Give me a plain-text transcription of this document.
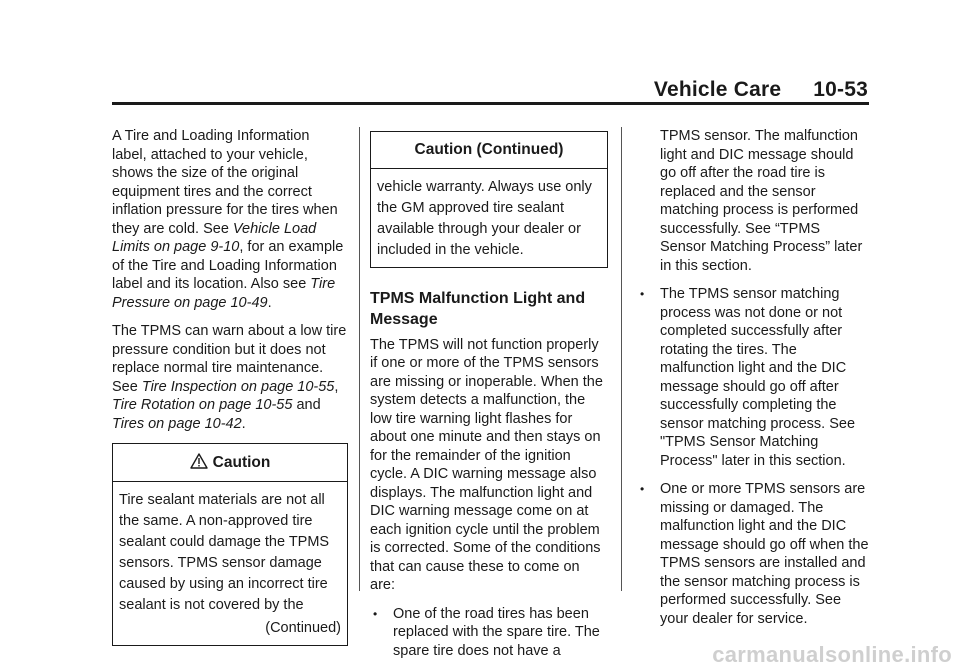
Vehicle Care 10-53

A Tire and Loading Information label, attached to your vehicle, shows the size of the original equipment tires and the correct inflation pressure for the tires when they are cold. See Vehicle Load Limits on page 9-10, for an example of the Tire and Loading Information label and its location. Also see Tire Pressure on page 10-49.

The TPMS can warn about a low tire pressure condition but it does not replace normal tire maintenance. See Tire Inspection on page 10-55, Tire Rotation on page 10-55 and Tires on page 10-42.

Caution
Tire sealant materials are not all the same. A non-approved tire sealant could damage the TPMS sensors. TPMS sensor damage caused by using an incorrect tire sealant is not covered by the
(Continued)
Caution (Continued)
vehicle warranty. Always use only the GM approved tire sealant available through your dealer or included in the vehicle.
TPMS Malfunction Light and Message

The TPMS will not function properly if one or more of the TPMS sensors are missing or inoperable. When the system detects a malfunction, the low tire warning light flashes for about one minute and then stays on for the remainder of the ignition cycle. A DIC warning message also displays. The malfunction light and DIC warning message come on at each ignition cycle until the problem is corrected. Some of the conditions that can cause these to come on are:

• One of the road tires has been replaced with the spare tire. The spare tire does not have a
TPMS sensor. The malfunction light and DIC message should go off after the road tire is replaced and the sensor matching process is performed successfully. See “TPMS Sensor Matching Process” later in this section.
• The TPMS sensor matching process was not done or not completed successfully after rotating the tires. The malfunction light and the DIC message should go off after successfully completing the sensor matching process. See "TPMS Sensor Matching Process" later in this section.
• One or more TPMS sensors are missing or damaged. The malfunction light and the DIC message should go off when the TPMS sensors are installed and the sensor matching process is performed successfully. See your dealer for service.
carmanualsonline.info
